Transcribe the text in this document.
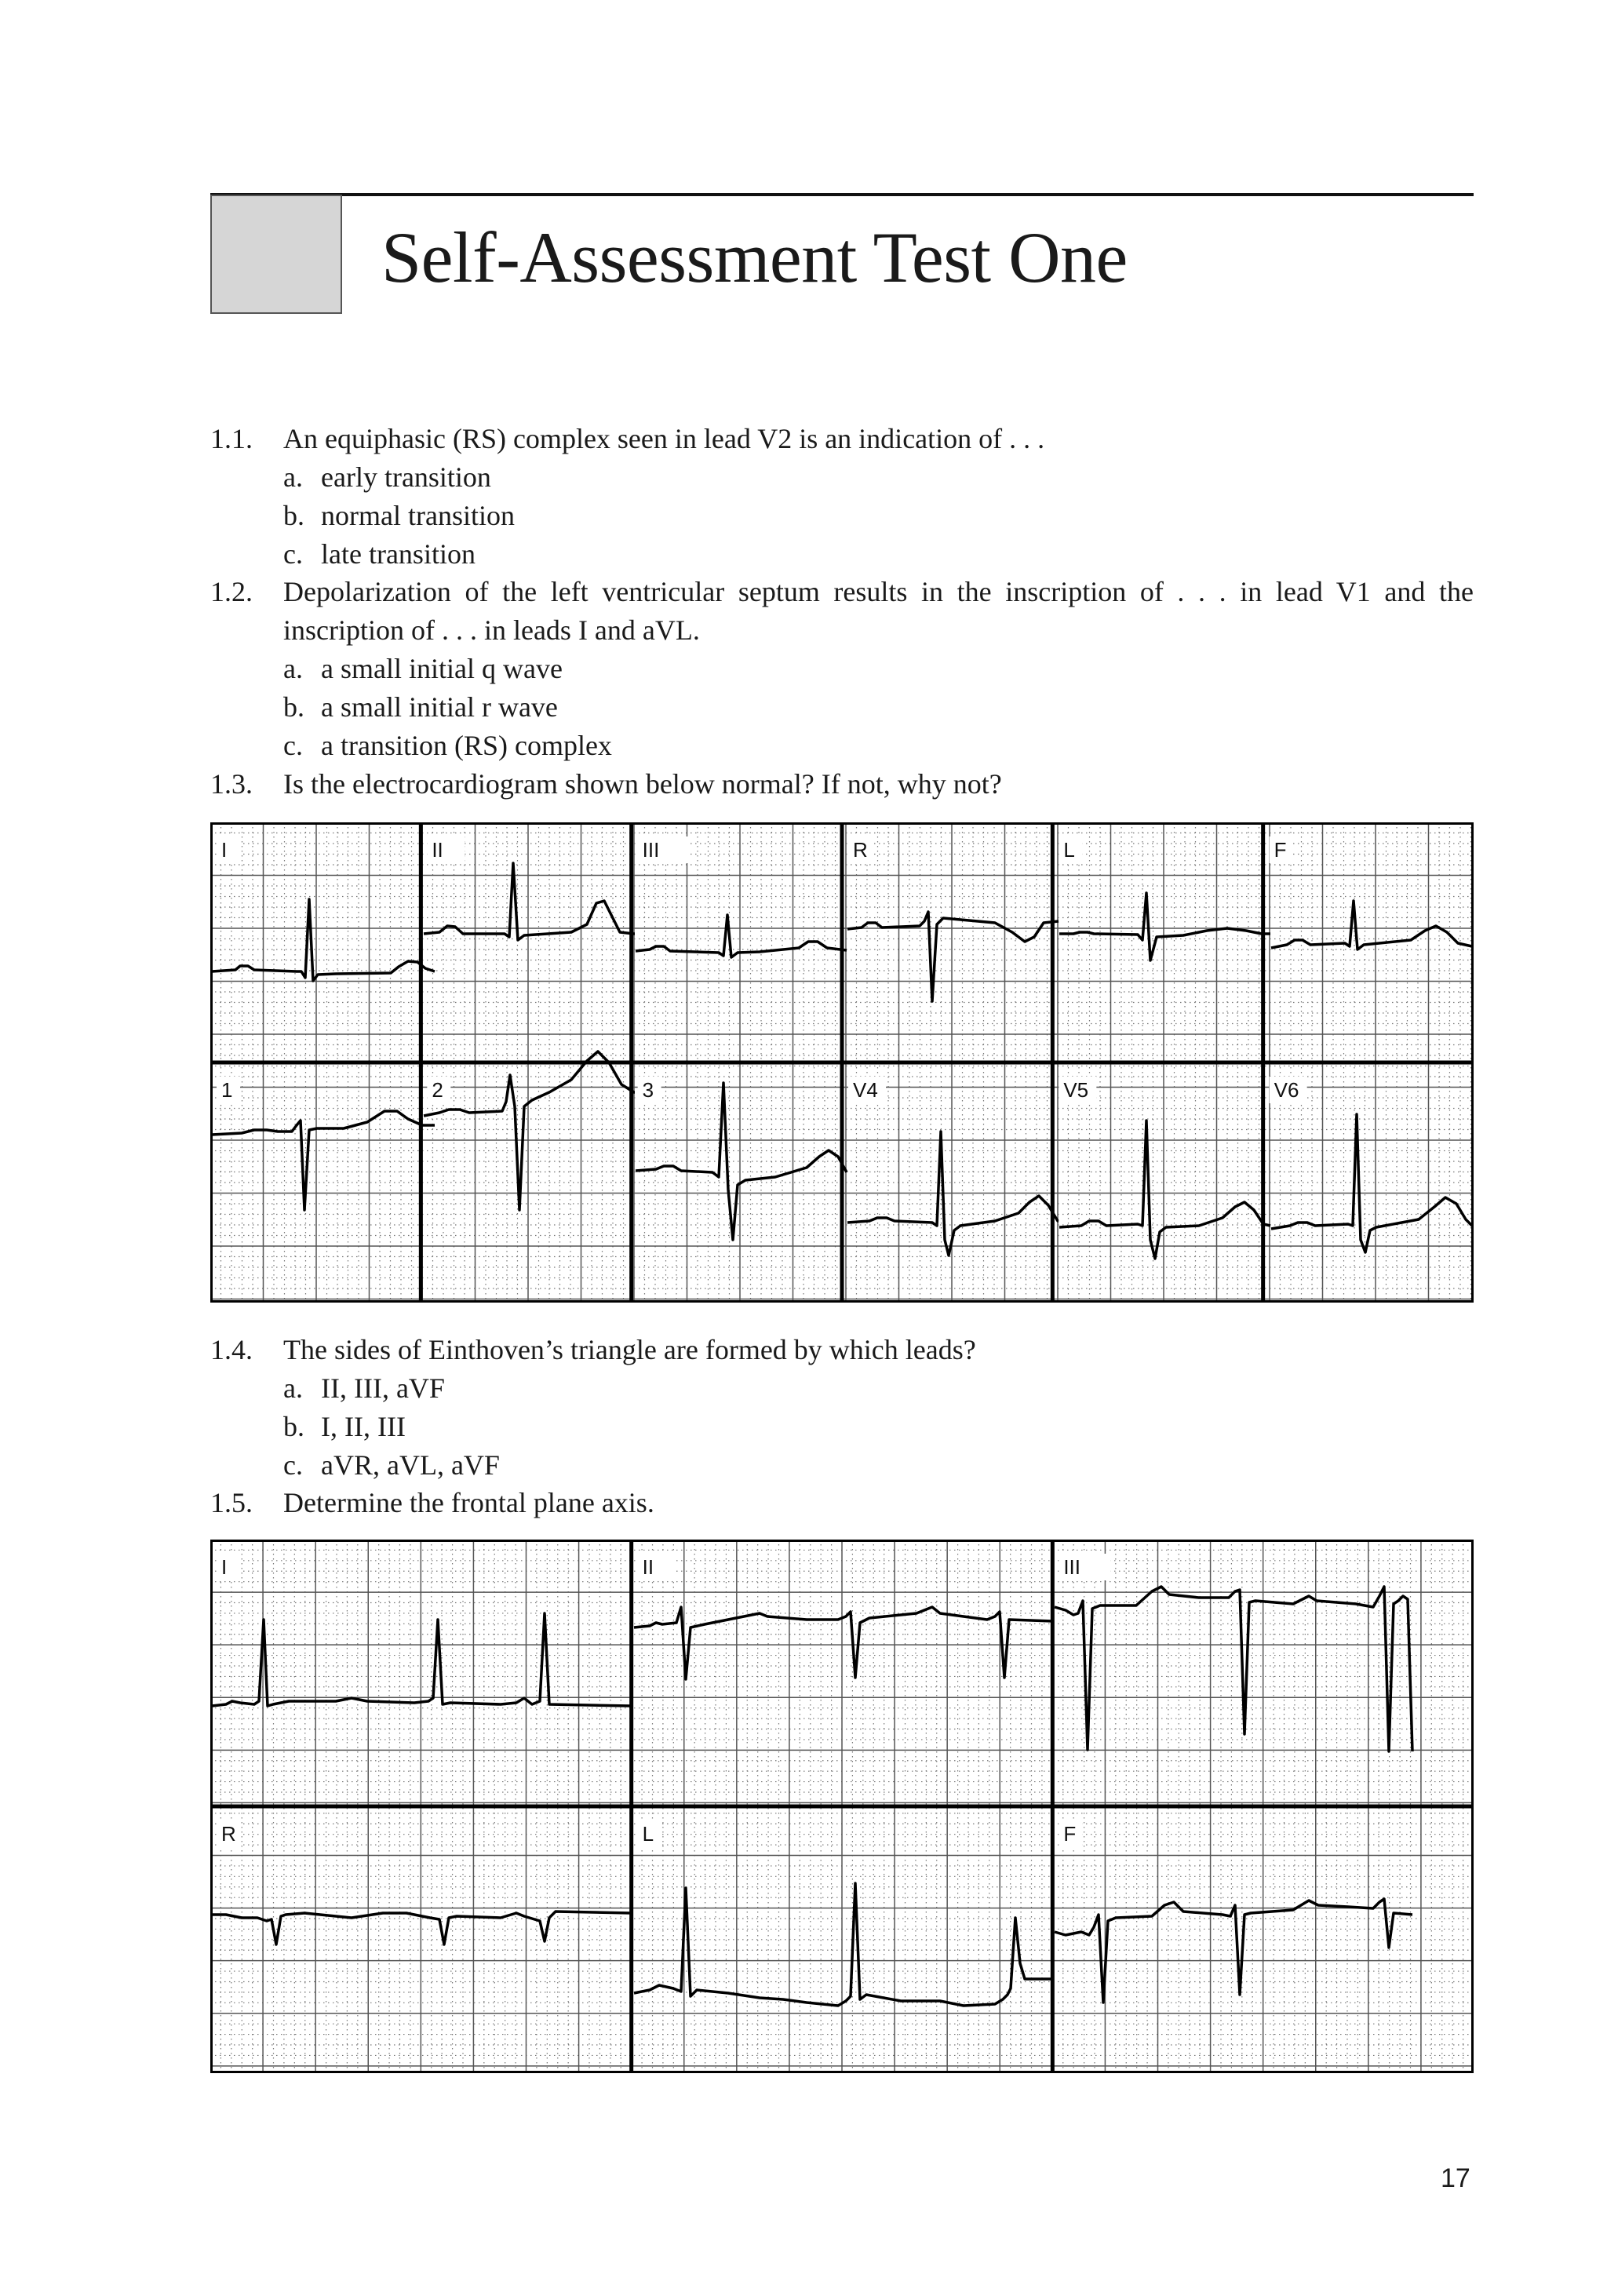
Self-Assessment Test One
1.1. An equiphasic (RS) complex seen in lead V2 is an indication of . . .
a. early transition
b. normal transition
c. late transition
1.2. Depolarization of the left ventricular septum results in the inscription of . . . in lead V1 and the
inscription of . . . in leads I and aVL.
a. a small initial q wave
b. a small initial r wave
c. a transition (RS) complex
1.3. Is the electrocardiogram shown below normal? If not, why not?
I	II	III	R	L	F
1	2	3	V4	V5	V6
1.4. The sides of Einthoven’s triangle are formed by which leads?
a. II, III, aVF
b. I, II, III
c. aVR, aVL, aVF
1.5. Determine the frontal plane axis.
I	II	III
R	L	F
17
